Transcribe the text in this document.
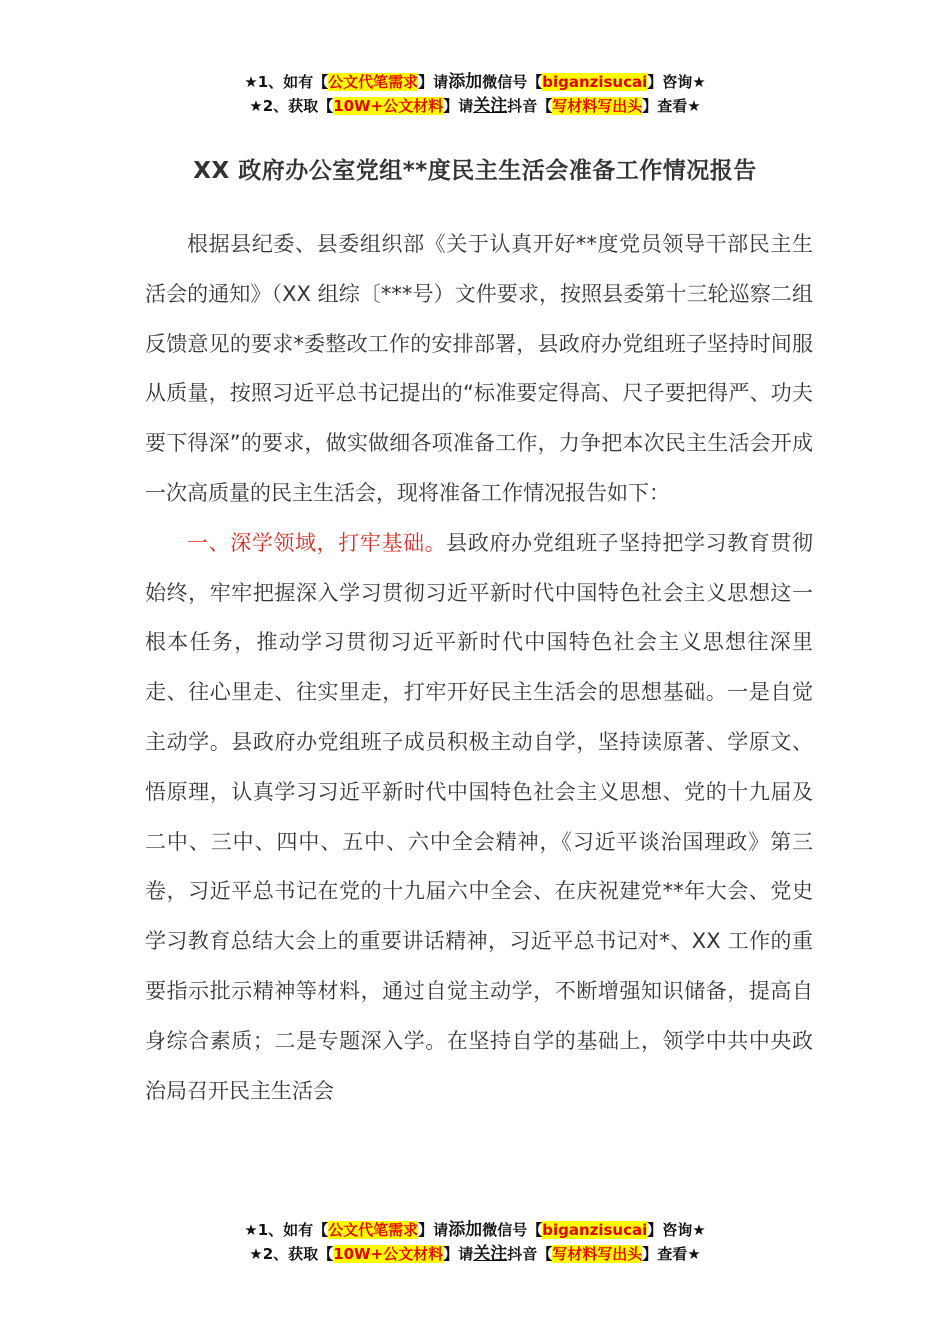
★1、如有【公文代笔需求】请添加微信号【biganzisucai】咨询★
★2、获取【10W+公文材料】请关注抖音【写材料写出头】查看★
XX 政府办公室党组**度民主生活会准备工作情况报告

根据县纪委、县委组织部《关于认真开好**度党员领导干部民主生活会的通知》（XX 组综〔***号）文件要求，按照县委第十三轮巡察二组反馈意见的要求*委整改工作的安排部署，县政府办党组班子坚持时间服从质量，按照习近平总书记提出的“标准要定得高、尺子要把得严、功夫要下得深”的要求，做实做细各项准备工作，力争把本次民主生活会开成一次高质量的民主生活会，现将准备工作情况报告如下：

一、深学领域，打牢基础。县政府办党组班子坚持把学习教育贯彻始终，牢牢把握深入学习贯彻习近平新时代中国特色社会主义思想这一根本任务，推动学习贯彻习近平新时代中国特色社会主义思想往深里走、往心里走、往实里走，打牢开好民主生活会的思想基础。一是自觉主动学。县政府办党组班子成员积极主动自学，坚持读原著、学原文、悟原理，认真学习习近平新时代中国特色社会主义思想、党的十九届及二中、三中、四中、五中、六中全会精神，《习近平谈治国理政》第三卷，习近平总书记在党的十九届六中全会、在庆祝建党**年大会、党史学习教育总结大会上的重要讲话精神，习近平总书记对*、XX 工作的重要指示批示精神等材料，通过自觉主动学，不断增强知识储备，提高自身综合素质；二是专题深入学。在坚持自学的基础上，领学中共中央政治局召开民主生活会

★1、如有【公文代笔需求】请添加微信号【biganzisucai】咨询★
★2、获取【10W+公文材料】请关注抖音【写材料写出头】查看★
